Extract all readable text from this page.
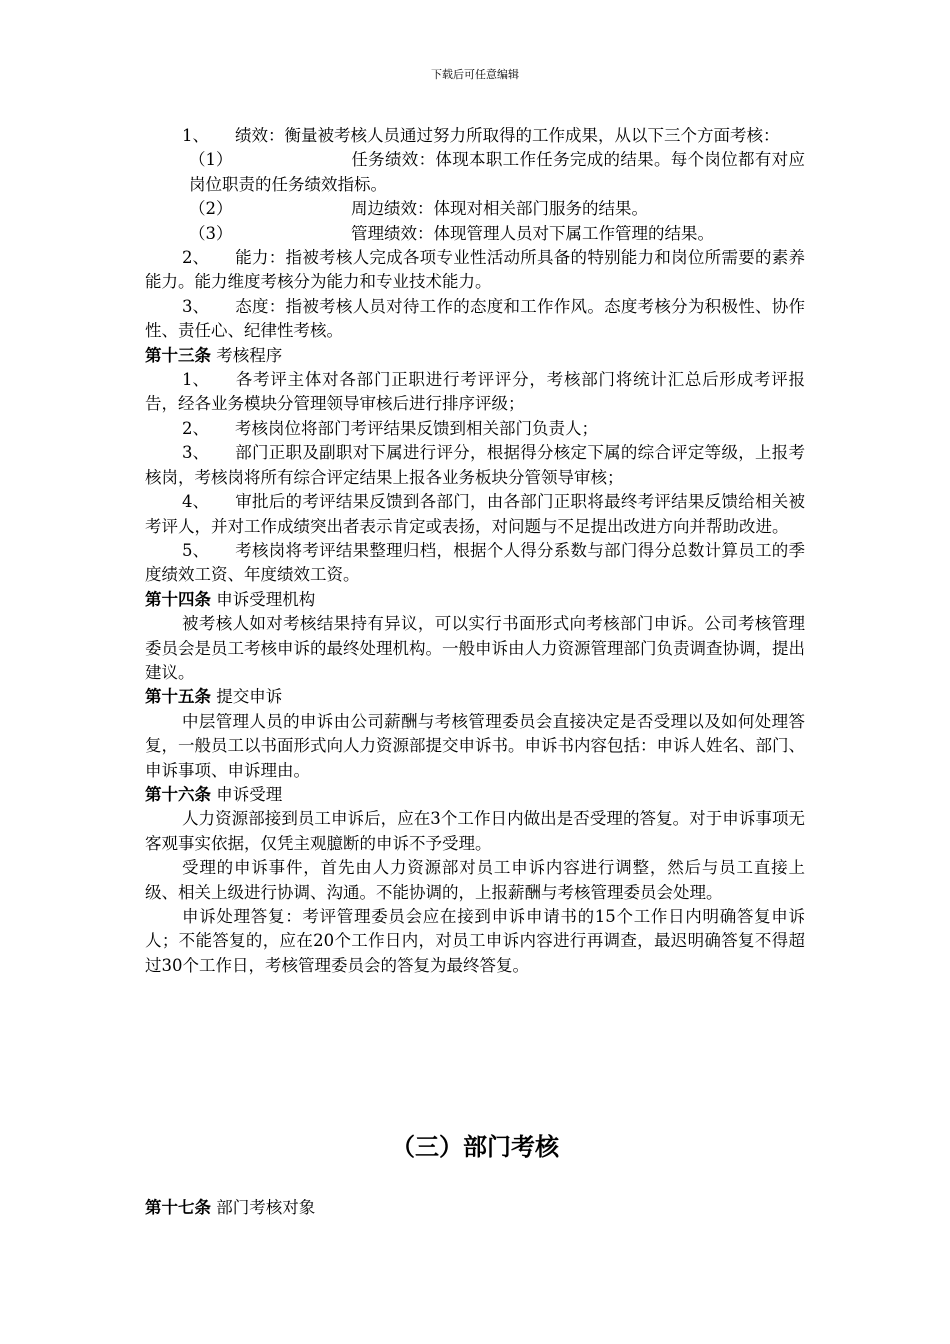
下载后可任意编辑

1、 绩效：衡量被考核人员通过努力所取得的工作成果，从以下三个方面考核：

（1）	任务绩效：体现本职工作任务完成的结果。每个岗位都有对应岗位职责的任务绩效指标。

（2）	周边绩效：体现对相关部门服务的结果。

（3）	管理绩效：体现管理人员对下属工作管理的结果。

2、 能力：指被考核人完成各项专业性活动所具备的特别能力和岗位所需要的素养能力。能力维度考核分为能力和专业技术能力。

3、 态度：指被考核人员对待工作的态度和工作作风。态度考核分为积极性、协作性、责任心、纪律性考核。

第十三条 考核程序

1、 各考评主体对各部门正职进行考评评分，考核部门将统计汇总后形成考评报告，经各业务模块分管理领导审核后进行排序评级；

2、 考核岗位将部门考评结果反馈到相关部门负责人；

3、 部门正职及副职对下属进行评分，根据得分核定下属的综合评定等级，上报考核岗，考核岗将所有综合评定结果上报各业务板块分管领导审核；

4、 审批后的考评结果反馈到各部门，由各部门正职将最终考评结果反馈给相关被考评人，并对工作成绩突出者表示肯定或表扬，对问题与不足提出改进方向并帮助改进。

5、 考核岗将考评结果整理归档，根据个人得分系数与部门得分总数计算员工的季度绩效工资、年度绩效工资。

第十四条 申诉受理机构

被考核人如对考核结果持有异议，可以实行书面形式向考核部门申诉。公司考核管理委员会是员工考核申诉的最终处理机构。一般申诉由人力资源管理部门负责调查协调，提出建议。

第十五条 提交申诉

中层管理人员的申诉由公司薪酬与考核管理委员会直接决定是否受理以及如何处理答复，一般员工以书面形式向人力资源部提交申诉书。申诉书内容包括：申诉人姓名、部门、申诉事项、申诉理由。

第十六条 申诉受理

人力资源部接到员工申诉后，应在3个工作日内做出是否受理的答复。对于申诉事项无客观事实依据，仅凭主观臆断的申诉不予受理。

受理的申诉事件，首先由人力资源部对员工申诉内容进行调整，然后与员工直接上级、相关上级进行协调、沟通。不能协调的，上报薪酬与考核管理委员会处理。

申诉处理答复：考评管理委员会应在接到申诉申请书的15个工作日内明确答复申诉人；不能答复的，应在20个工作日内，对员工申诉内容进行再调查，最迟明确答复不得超过30个工作日，考核管理委员会的答复为最终答复。

（三）部门考核
第十七条 部门考核对象
